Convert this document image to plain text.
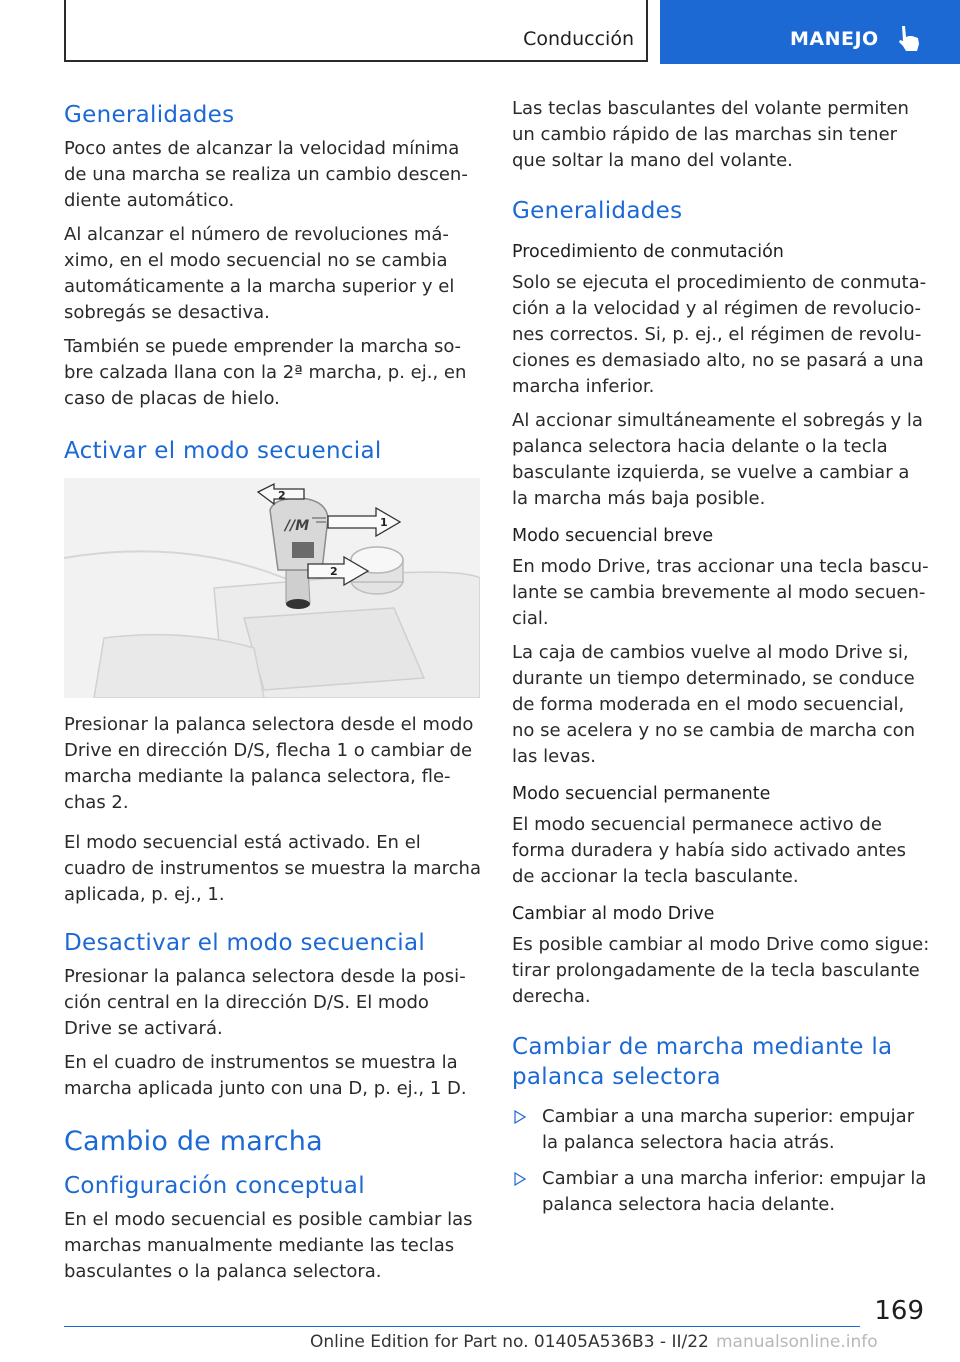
Conducción	MANEJO
Generalidades

Poco antes de alcanzar la velocidad mínima de una marcha se realiza un cambio descendiente automático.

Al alcanzar el número de revoluciones máximo, en el modo secuencial no se cambia automáticamente a la marcha superior y el sobregás se desactiva.

También se puede emprender la marcha sobre calzada llana con la 2ª marcha, p. ej., en caso de placas de hielo.

Activar el modo secuencial
//M
2
1
2

Presionar la palanca selectora desde el modo Drive en dirección D/S, flecha 1 o cambiar de marcha mediante la palanca selectora, flechas 2.

El modo secuencial está activado. En el cuadro de instrumentos se muestra la marcha aplicada, p. ej., 1.

Desactivar el modo secuencial

Presionar la palanca selectora desde la posición central en la dirección D/S. El modo Drive se activará.

En el cuadro de instrumentos se muestra la marcha aplicada junto con una D, p. ej., 1 D.

Cambio de marcha
Configuración conceptual

En el modo secuencial es posible cambiar las marchas manualmente mediante las teclas basculantes o la palanca selectora.

Las teclas basculantes del volante permiten un cambio rápido de las marchas sin tener que soltar la mano del volante.

Generalidades
Procedimiento de conmutación

Solo se ejecuta el procedimiento de conmutación a la velocidad y al régimen de revoluciones correctos. Si, p. ej., el régimen de revoluciones es demasiado alto, no se pasará a una marcha inferior.

Al accionar simultáneamente el sobregás y la palanca selectora hacia delante o la tecla basculante izquierda, se vuelve a cambiar a la marcha más baja posible.

Modo secuencial breve

En modo Drive, tras accionar una tecla basculante se cambia brevemente al modo secuencial.

La caja de cambios vuelve al modo Drive si, durante un tiempo determinado, se conduce de forma moderada en el modo secuencial, no se acelera y no se cambia de marcha con las levas.

Modo secuencial permanente

El modo secuencial permanece activo de forma duradera y había sido activado antes de accionar la tecla basculante.

Cambiar al modo Drive

Es posible cambiar al modo Drive como sigue: tirar prolongadamente de la tecla basculante derecha.

Cambiar de marcha mediante la palanca selectora
Cambiar a una marcha superior: empujar la palanca selectora hacia atrás.
Cambiar a una marcha inferior: empujar la palanca selectora hacia delante.
169
Online Edition for Part no. 01405A536B3 - II/22 manualsonline.info
